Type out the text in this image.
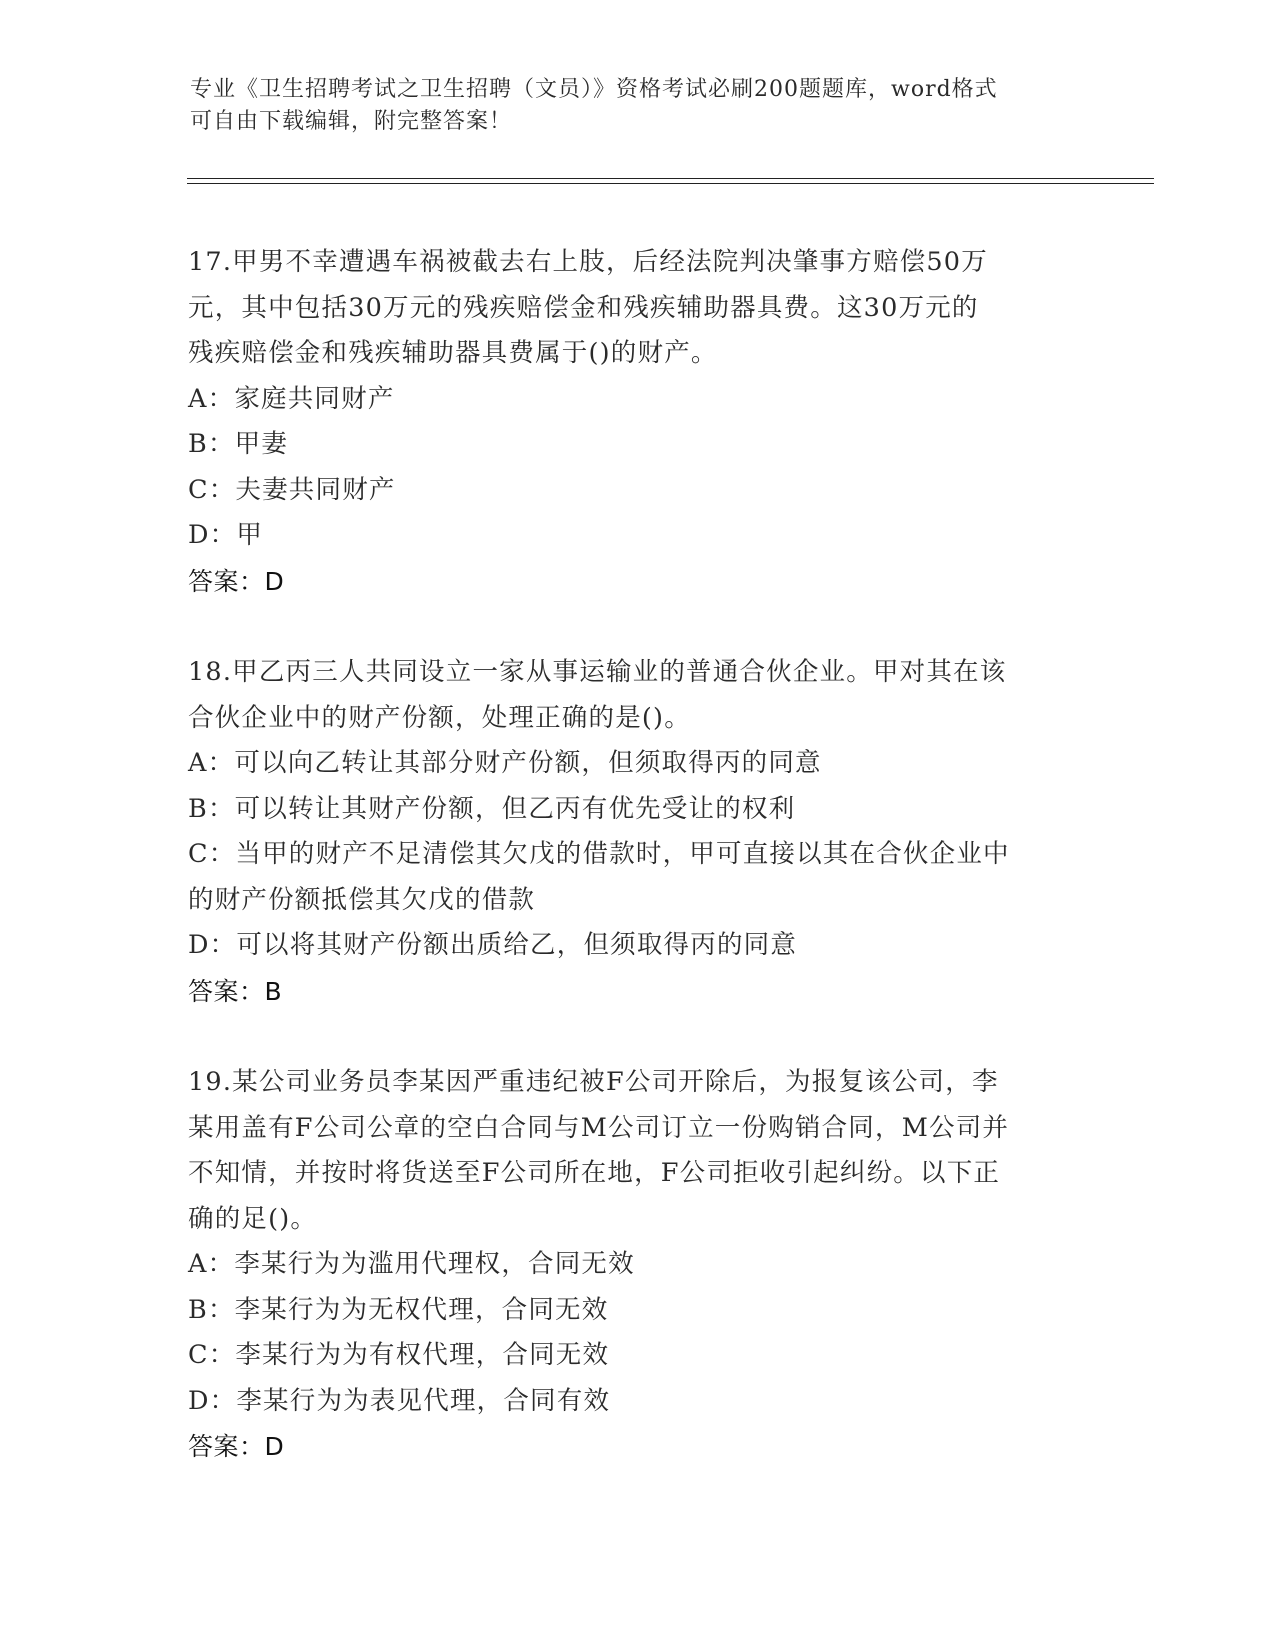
专业《卫生招聘考试之卫生招聘（文员）》资格考试必刷200题题库，word格式
可自由下载编辑，附完整答案！

17.甲男不幸遭遇车祸被截去右上肢，后经法院判决肇事方赔偿50万

元，其中包括30万元的残疾赔偿金和残疾辅助器具费。这30万元的

残疾赔偿金和残疾辅助器具费属于()的财产。

A：家庭共同财产

B：甲妻

C：夫妻共同财产

D：甲

答案：D

18.甲乙丙三人共同设立一家从事运输业的普通合伙企业。甲对其在该

合伙企业中的财产份额，处理正确的是()。

A：可以向乙转让其部分财产份额，但须取得丙的同意

B：可以转让其财产份额，但乙丙有优先受让的权利

C：当甲的财产不足清偿其欠戊的借款时，甲可直接以其在合伙企业中

的财产份额抵偿其欠戊的借款

D：可以将其财产份额出质给乙，但须取得丙的同意

答案：B

19.某公司业务员李某因严重违纪被F公司开除后，为报复该公司，李

某用盖有F公司公章的空白合同与M公司订立一份购销合同，M公司并

不知情，并按时将货送至F公司所在地，F公司拒收引起纠纷。以下正

确的足()。

A：李某行为为滥用代理权，合同无效

B：李某行为为无权代理，合同无效

C：李某行为为有权代理，合同无效

D：李某行为为表见代理，合同有效

答案：D
